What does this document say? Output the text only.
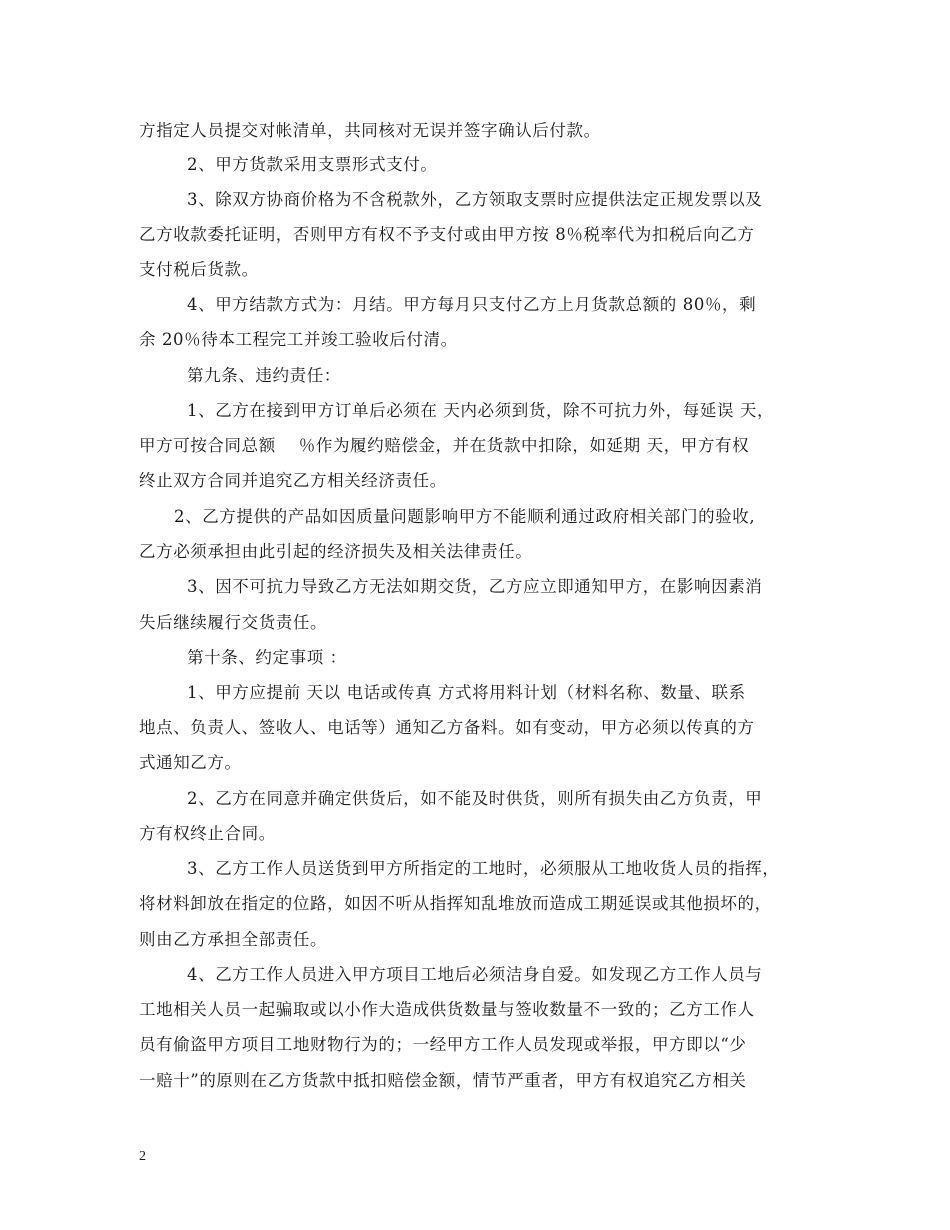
方指定人员提交对帐清单，共同核对无误并签字确认后付款。
2、甲方货款采用支票形式支付。
3、除双方协商价格为不含税款外，乙方领取支票时应提供法定正规发票以及
乙方收款委托证明，否则甲方有权不予支付或由甲方按 8％税率代为扣税后向乙方
支付税后货款。
4、甲方结款方式为：月结。甲方每月只支付乙方上月货款总额的 80％，剩
余 20％待本工程完工并竣工验收后付清。
第九条、违约责任：
1、乙方在接到甲方订单后必须在 天内必须到货，除不可抗力外，每延误 天，
甲方可按合同总额　 ％作为履约赔偿金，并在货款中扣除，如延期 天，甲方有权
终止双方合同并追究乙方相关经济责任。
2、乙方提供的产品如因质量问题影响甲方不能顺利通过政府相关部门的验收,
乙方必须承担由此引起的经济损失及相关法律责任。
3、因不可抗力导致乙方无法如期交货，乙方应立即通知甲方，在影响因素消
失后继续履行交货责任。
第十条、约定事项 ：
1、甲方应提前 天以 电话或传真 方式将用料计划（材料名称、数量、联系
地点、负责人、签收人、电话等）通知乙方备料。如有变动，甲方必须以传真的方
式通知乙方。
2、乙方在同意并确定供货后，如不能及时供货，则所有损失由乙方负责，甲
方有权终止合同。
3、乙方工作人员送货到甲方所指定的工地时，必须服从工地收货人员的指挥，
将材料卸放在指定的位路，如因不听从指挥知乱堆放而造成工期延误或其他损坏的，
则由乙方承担全部责任。
4、乙方工作人员进入甲方项目工地后必须洁身自爱。如发现乙方工作人员与
工地相关人员一起骗取或以小作大造成供货数量与签收数量不一致的；乙方工作人
员有偷盗甲方项目工地财物行为的；一经甲方工作人员发现或举报，甲方即以“少
一赔十”的原则在乙方货款中抵扣赔偿金额，情节严重者，甲方有权追究乙方相关
2
